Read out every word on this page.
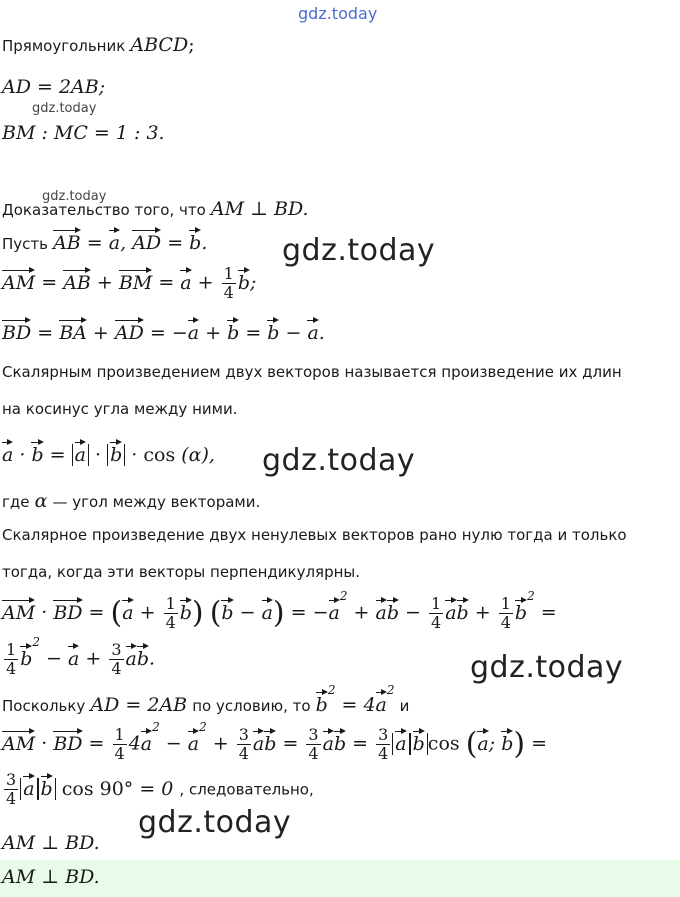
gdz.today
Прямоугольник ABCD;
AD = 2AB;
gdz.today
BM : MC = 1 : 3.
gdz.today
Доказательство того, что AM ⊥ BD.
Пусть AB = a, AD = b. gdz.today
AM = AB + BM = $a + \frac{1}{4} b$;
BD = BA + AD = −a + b = b − a.
Скалярным произведением двух векторов называется произведение их длин
на косинус угла между ними.
a · b = a · b · cos (α), gdz.today
где α — угол между векторами.
Скалярное произведение двух ненулевых векторов рано нулю тогда и только
тогда, когда эти векторы перпендикулярны.
AM · BD = $(a + \frac{1}{4} b)$ $(b - a) = -a^2$ + ab − $\frac{1}{4}$ ab + $\frac{1}{4} b^2$ =
$\frac{1}{4} b^2 - a + \frac{3}{4}$ ab.	gdz.today
Поскольку AD = 2AB по условию, то $b^2 = 4a^2$ и
AM · BD = $\frac{1}{4} 4a^2 - a^2 + \frac{3}{4}$ ab = $\frac{3}{4}$ ab = $\frac{3}{4}$ a b cos (a; b) =
$\frac{3}{4}$ a b cos 90° = 0 , следовательно,
gdz.today
AM ⊥ BD.
AM ⊥ BD.
